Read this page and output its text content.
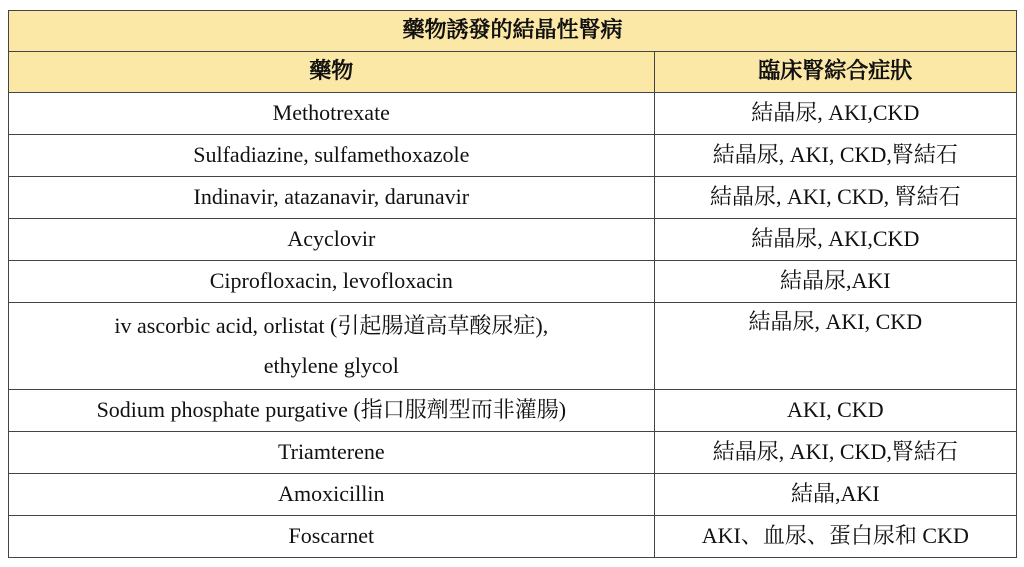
藥物誘發的結晶性腎病	
藥物	臨床腎綜合症狀
Methotrexate	結晶尿, AKI,CKD
Sulfadiazine, sulfamethoxazole	結晶尿, AKI, CKD,腎結石
Indinavir, atazanavir, darunavir	結晶尿, AKI, CKD, 腎結石
Acyclovir	結晶尿, AKI,CKD
Ciprofloxacin, levofloxacin	結晶尿,AKI

iv ascorbic acid, orlistat (引起腸道高草酸尿症),
ethylene glycol	結晶尿, AKI, CKD
Sodium phosphate purgative (指口服劑型而非灌腸)	AKI, CKD
Triamterene	結晶尿, AKI, CKD,腎結石
Amoxicillin	結晶,AKI
Foscarnet	AKI、血尿、蛋白尿和 CKD
